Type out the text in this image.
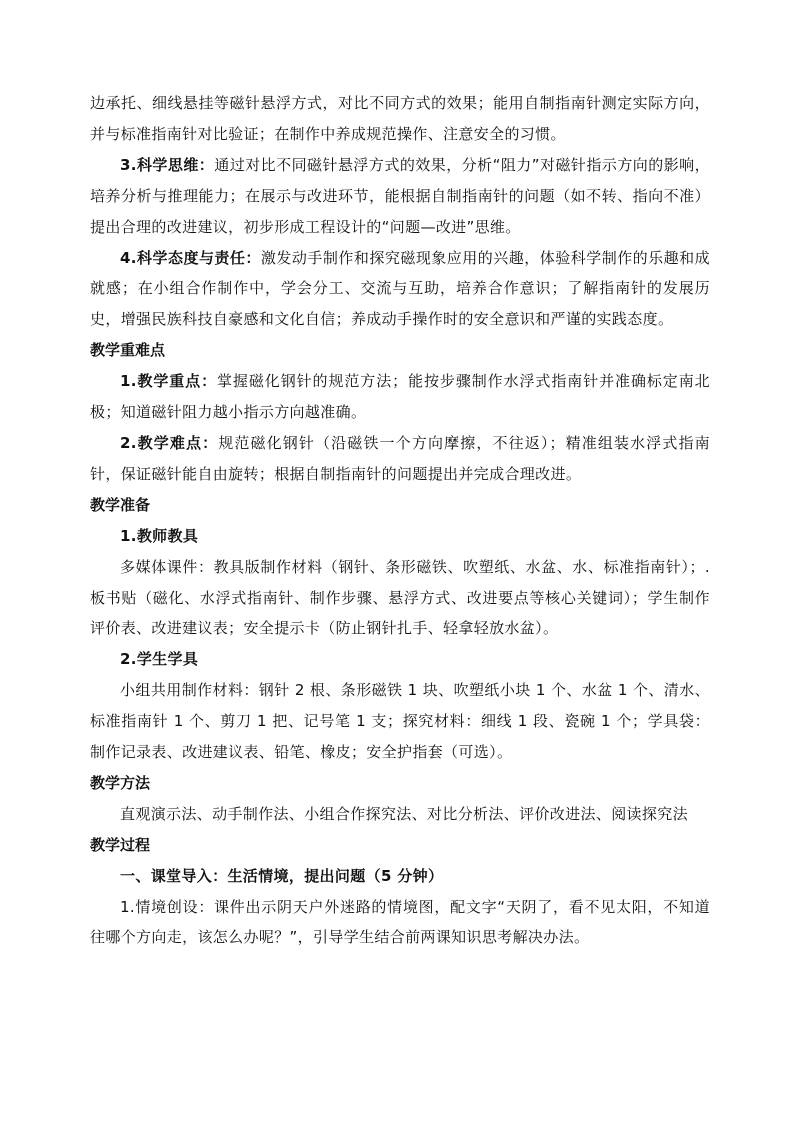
边承托、细线悬挂等磁针悬浮方式，对比不同方式的效果；能用自制指南针测定实际方向，并与标准指南针对比验证；在制作中养成规范操作、注意安全的习惯。

3.科学思维：通过对比不同磁针悬浮方式的效果，分析“阻力”对磁针指示方向的影响，培养分析与推理能力；在展示与改进环节，能根据自制指南针的问题（如不转、指向不准）提出合理的改进建议，初步形成工程设计的“问题—改进”思维。

4.科学态度与责任：激发动手制作和探究磁现象应用的兴趣，体验科学制作的乐趣和成就感；在小组合作制作中，学会分工、交流与互助，培养合作意识；了解指南针的发展历史，增强民族科技自豪感和文化自信；养成动手操作时的安全意识和严谨的实践态度。

教学重难点

1.教学重点：掌握磁化钢针的规范方法；能按步骤制作水浮式指南针并准确标定南北极；知道磁针阻力越小指示方向越准确。

2.教学难点：规范磁化钢针（沿磁铁一个方向摩擦，不往返）；精准组装水浮式指南针，保证磁针能自由旋转；根据自制指南针的问题提出并完成合理改进。

教学准备

1.教师教具

多媒体课件：教具版制作材料（钢针、条形磁铁、吹塑纸、水盆、水、标准指南针）；.板书贴（磁化、水浮式指南针、制作步骤、悬浮方式、改进要点等核心关键词）；学生制作评价表、改进建议表；安全提示卡（防止钢针扎手、轻拿轻放水盆）。

2.学生学具

小组共用制作材料：钢针 2 根、条形磁铁 1 块、吹塑纸小块 1 个、水盆 1 个、清水、标准指南针 1 个、剪刀 1 把、记号笔 1 支；探究材料：细线 1 段、瓷碗 1 个；学具袋：制作记录表、改进建议表、铅笔、橡皮；安全护指套（可选）。

教学方法

直观演示法、动手制作法、小组合作探究法、对比分析法、评价改进法、阅读探究法

教学过程

一、课堂导入：生活情境，提出问题（5 分钟）

1.情境创设：课件出示阴天户外迷路的情境图，配文字“天阴了，看不见太阳，不知道往哪个方向走，该怎么办呢？”，引导学生结合前两课知识思考解决办法。
